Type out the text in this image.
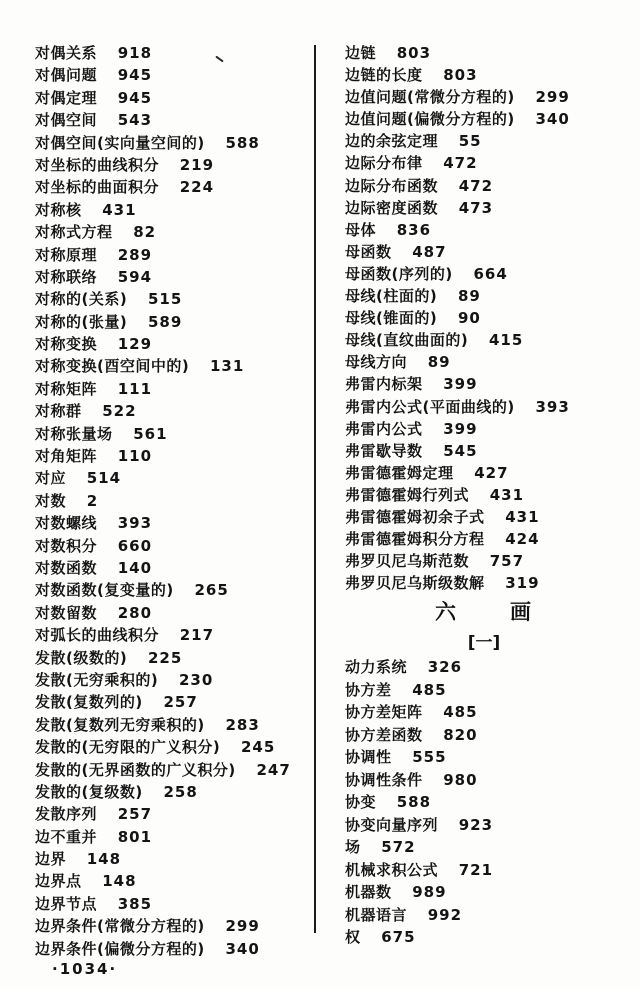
对偶关系 918
对偶问题 945
对偶定理 945
对偶空间 543
对偶空间(实向量空间的) 588
对坐标的曲线积分 219
对坐标的曲面积分 224
对称核 431
对称式方程 82
对称原理 289
对称联络 594
对称的(关系) 515
对称的(张量) 589
对称变换 129
对称变换(酉空间中的) 131
对称矩阵 111
对称群 522
对称张量场 561
对角矩阵 110
对应 514
对数 2
对数螺线 393
对数积分 660
对数函数 140
对数函数(复变量的) 265
对数留数 280
对弧长的曲线积分 217
发散(级数的) 225
发散(无穷乘积的) 230
发散(复数列的) 257
发散(复数列无穷乘积的) 283
发散的(无穷限的广义积分) 245
发散的(无界函数的广义积分) 247
发散的(复级数) 258
发散序列 257
边不重并 801
边界 148
边界点 148
边界节点 385
边界条件(常微分方程的) 299
边界条件(偏微分方程的) 340
边链 803
边链的长度 803
边值问题(常微分方程的) 299
边值问题(偏微分方程的) 340
边的余弦定理 55
边际分布律 472
边际分布函数 472
边际密度函数 473
母体 836
母函数 487
母函数(序列的) 664
母线(柱面的) 89
母线(锥面的) 90
母线(直纹曲面的) 415
母线方向 89
弗雷内标架 399
弗雷内公式(平面曲线的) 393
弗雷内公式 399
弗雷歇导数 545
弗雷德霍姆定理 427
弗雷德霍姆行列式 431
弗雷德霍姆初余子式 431
弗雷德霍姆积分方程 424
弗罗贝尼乌斯范数 757
弗罗贝尼乌斯级数解 319
六 画
[一]
动力系统 326
协方差 485
协方差矩阵 485
协方差函数 820
协调性 555
协调性条件 980
协变 588
协变向量序列 923
场 572
机械求积公式 721
机器数 989
机器语言 992
权 675
·1034·
